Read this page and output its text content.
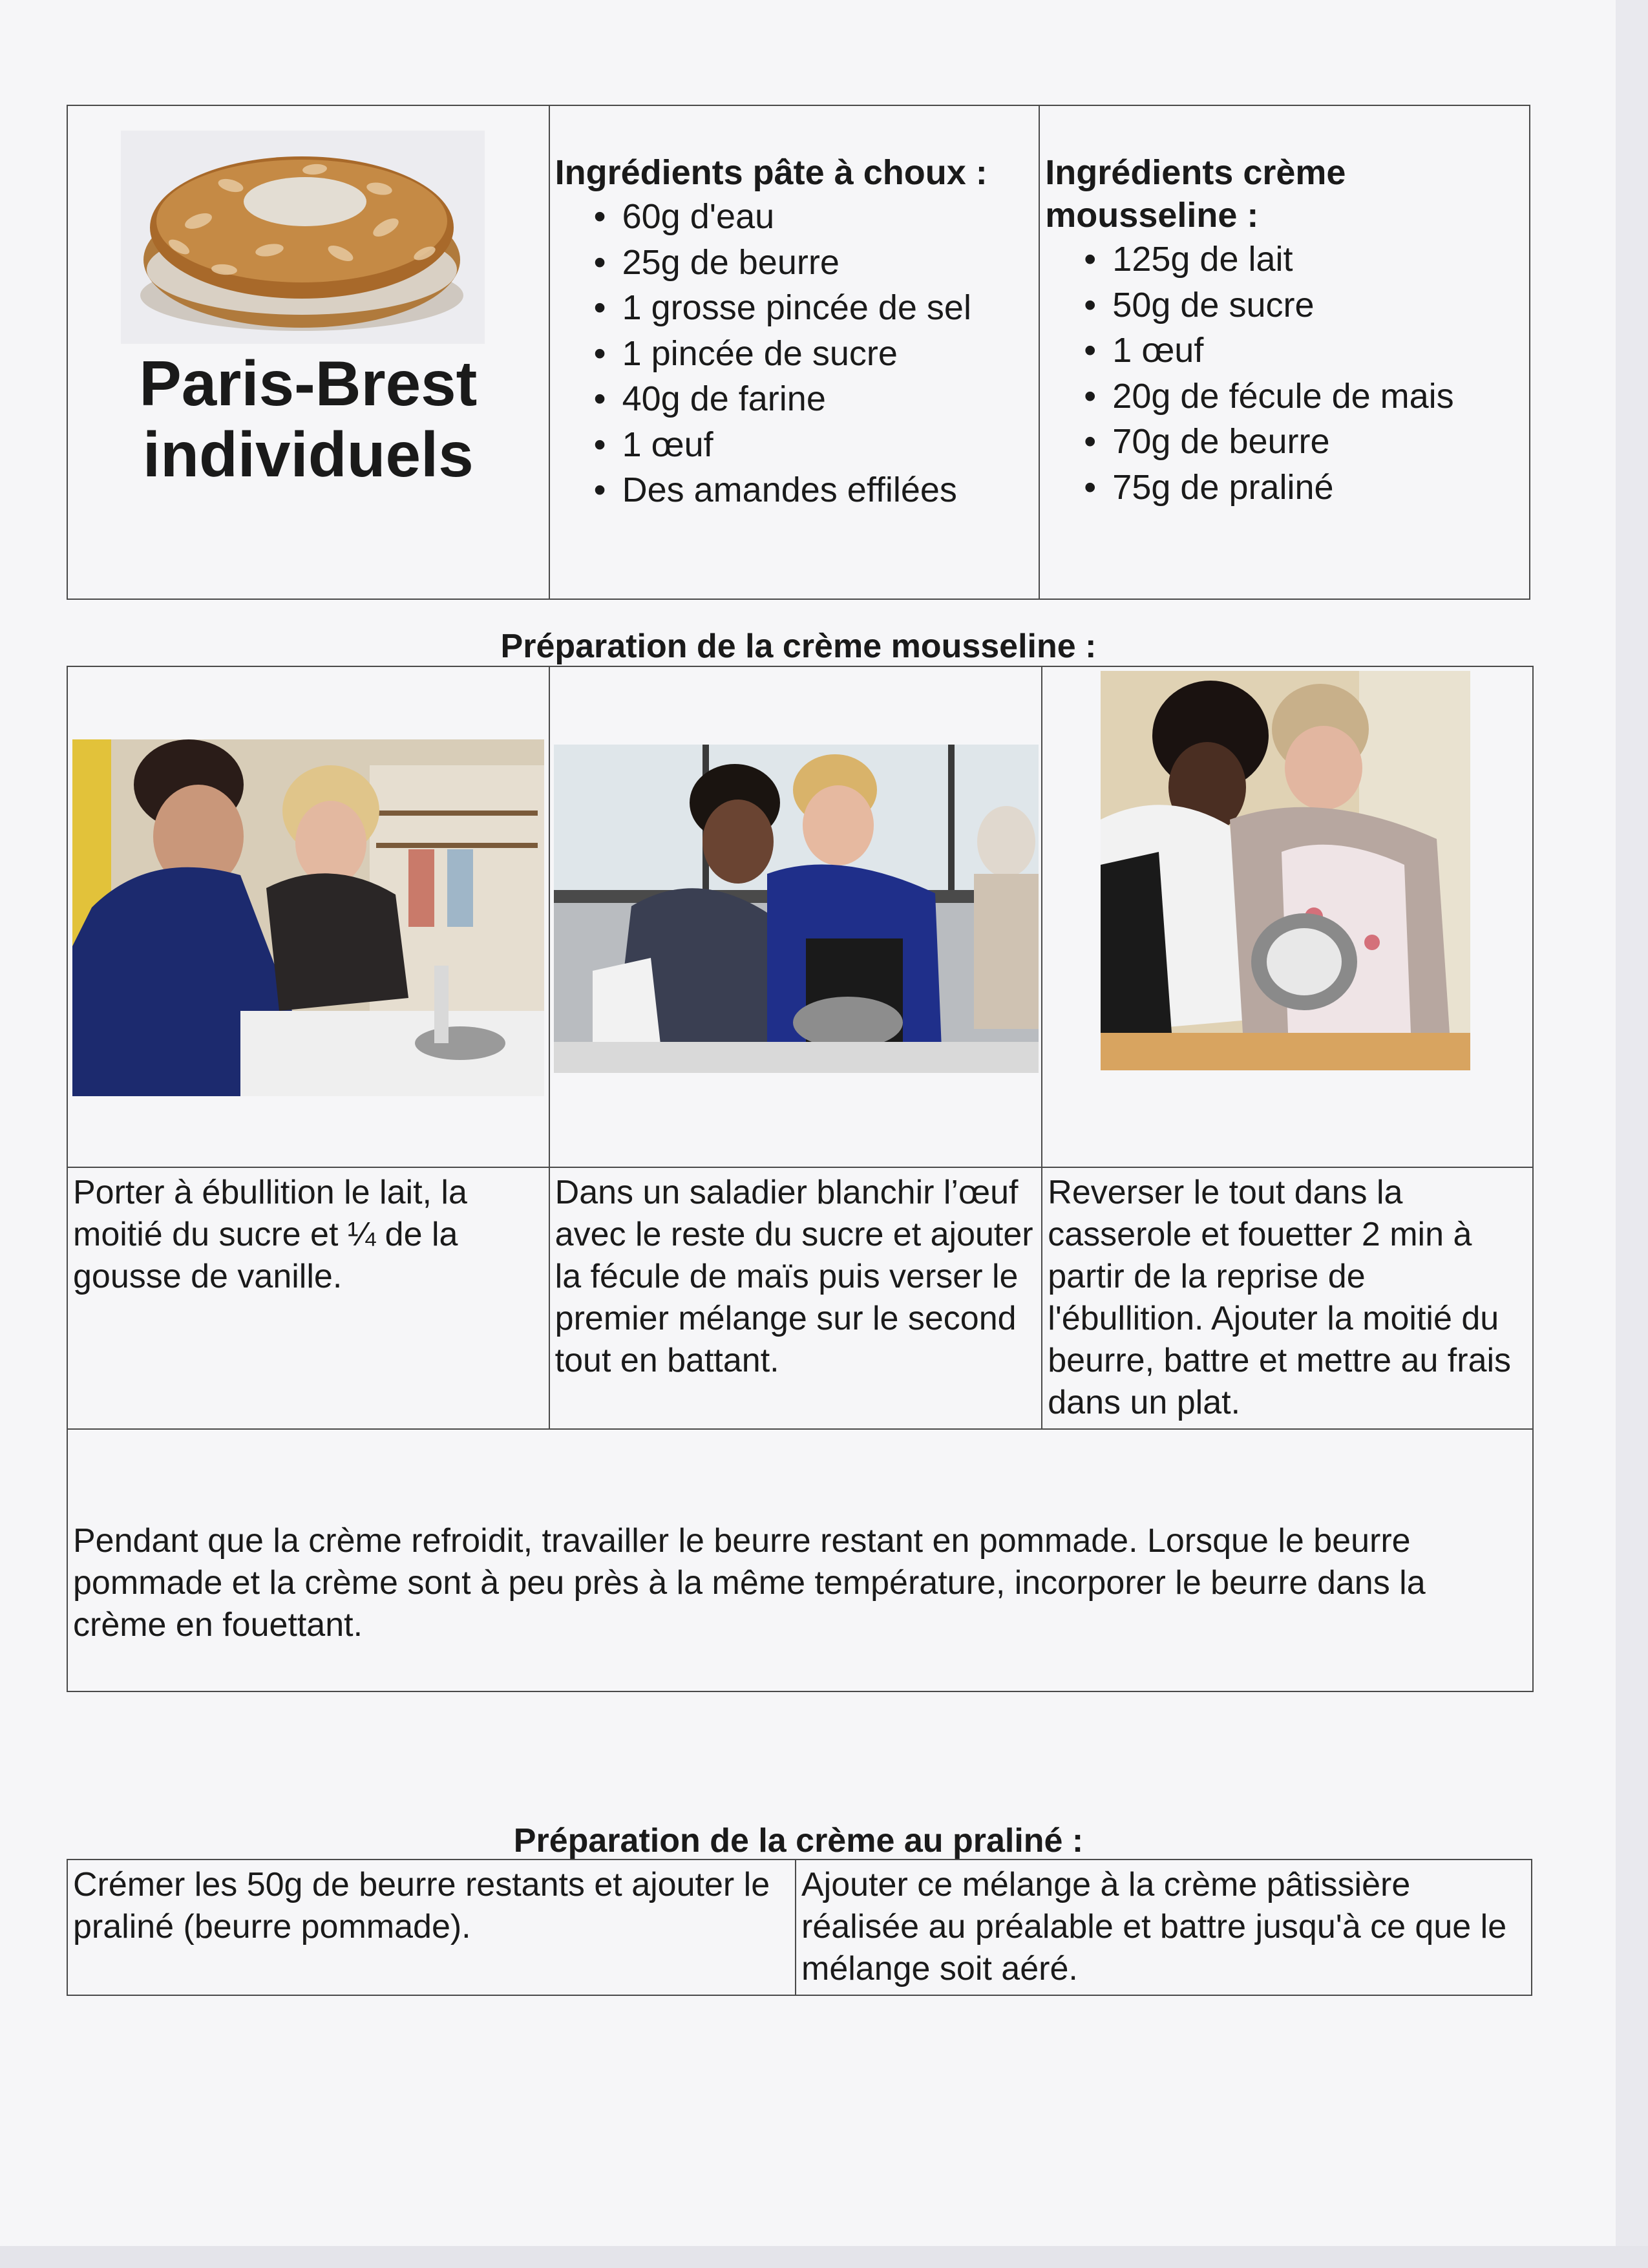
Paris-Brest
individuels

Ingrédients pâte à choux :
• 60g d'eau
• 25g de beurre
• 1 grosse pincée de sel
• 1 pincée de sucre
• 40g de farine
• 1 œuf
• Des amandes effilées

Ingrédients crème
mousseline :
• 125g de lait
• 50g de sucre
• 1 œuf
• 20g de fécule de mais
• 70g de beurre
• 75g de praliné
Préparation de la crème mousseline :

Porter à ébullition le lait, la moitié du sucre et ¼ de la gousse de vanille.	Dans un saladier blanchir l’œuf avec le reste du sucre et ajouter la fécule de maïs puis verser le premier mélange sur le second tout en battant.	Reverser le tout dans la casserole et fouetter 2 min à partir de la reprise de l'ébullition. Ajouter la moitié du beurre, battre et mettre au frais dans un plat.
Pendant que la crème refroidit, travailler le beurre restant en pommade. Lorsque le beurre pommade et la crème sont à peu près à la même température, incorporer le beurre dans la crème en fouettant.		
Préparation de la crème au praliné :
Crémer les 50g de beurre restants et ajouter le praliné (beurre pommade).	Ajouter ce mélange à la crème pâtissière réalisée au préalable et battre jusqu'à ce que le mélange soit aéré.
